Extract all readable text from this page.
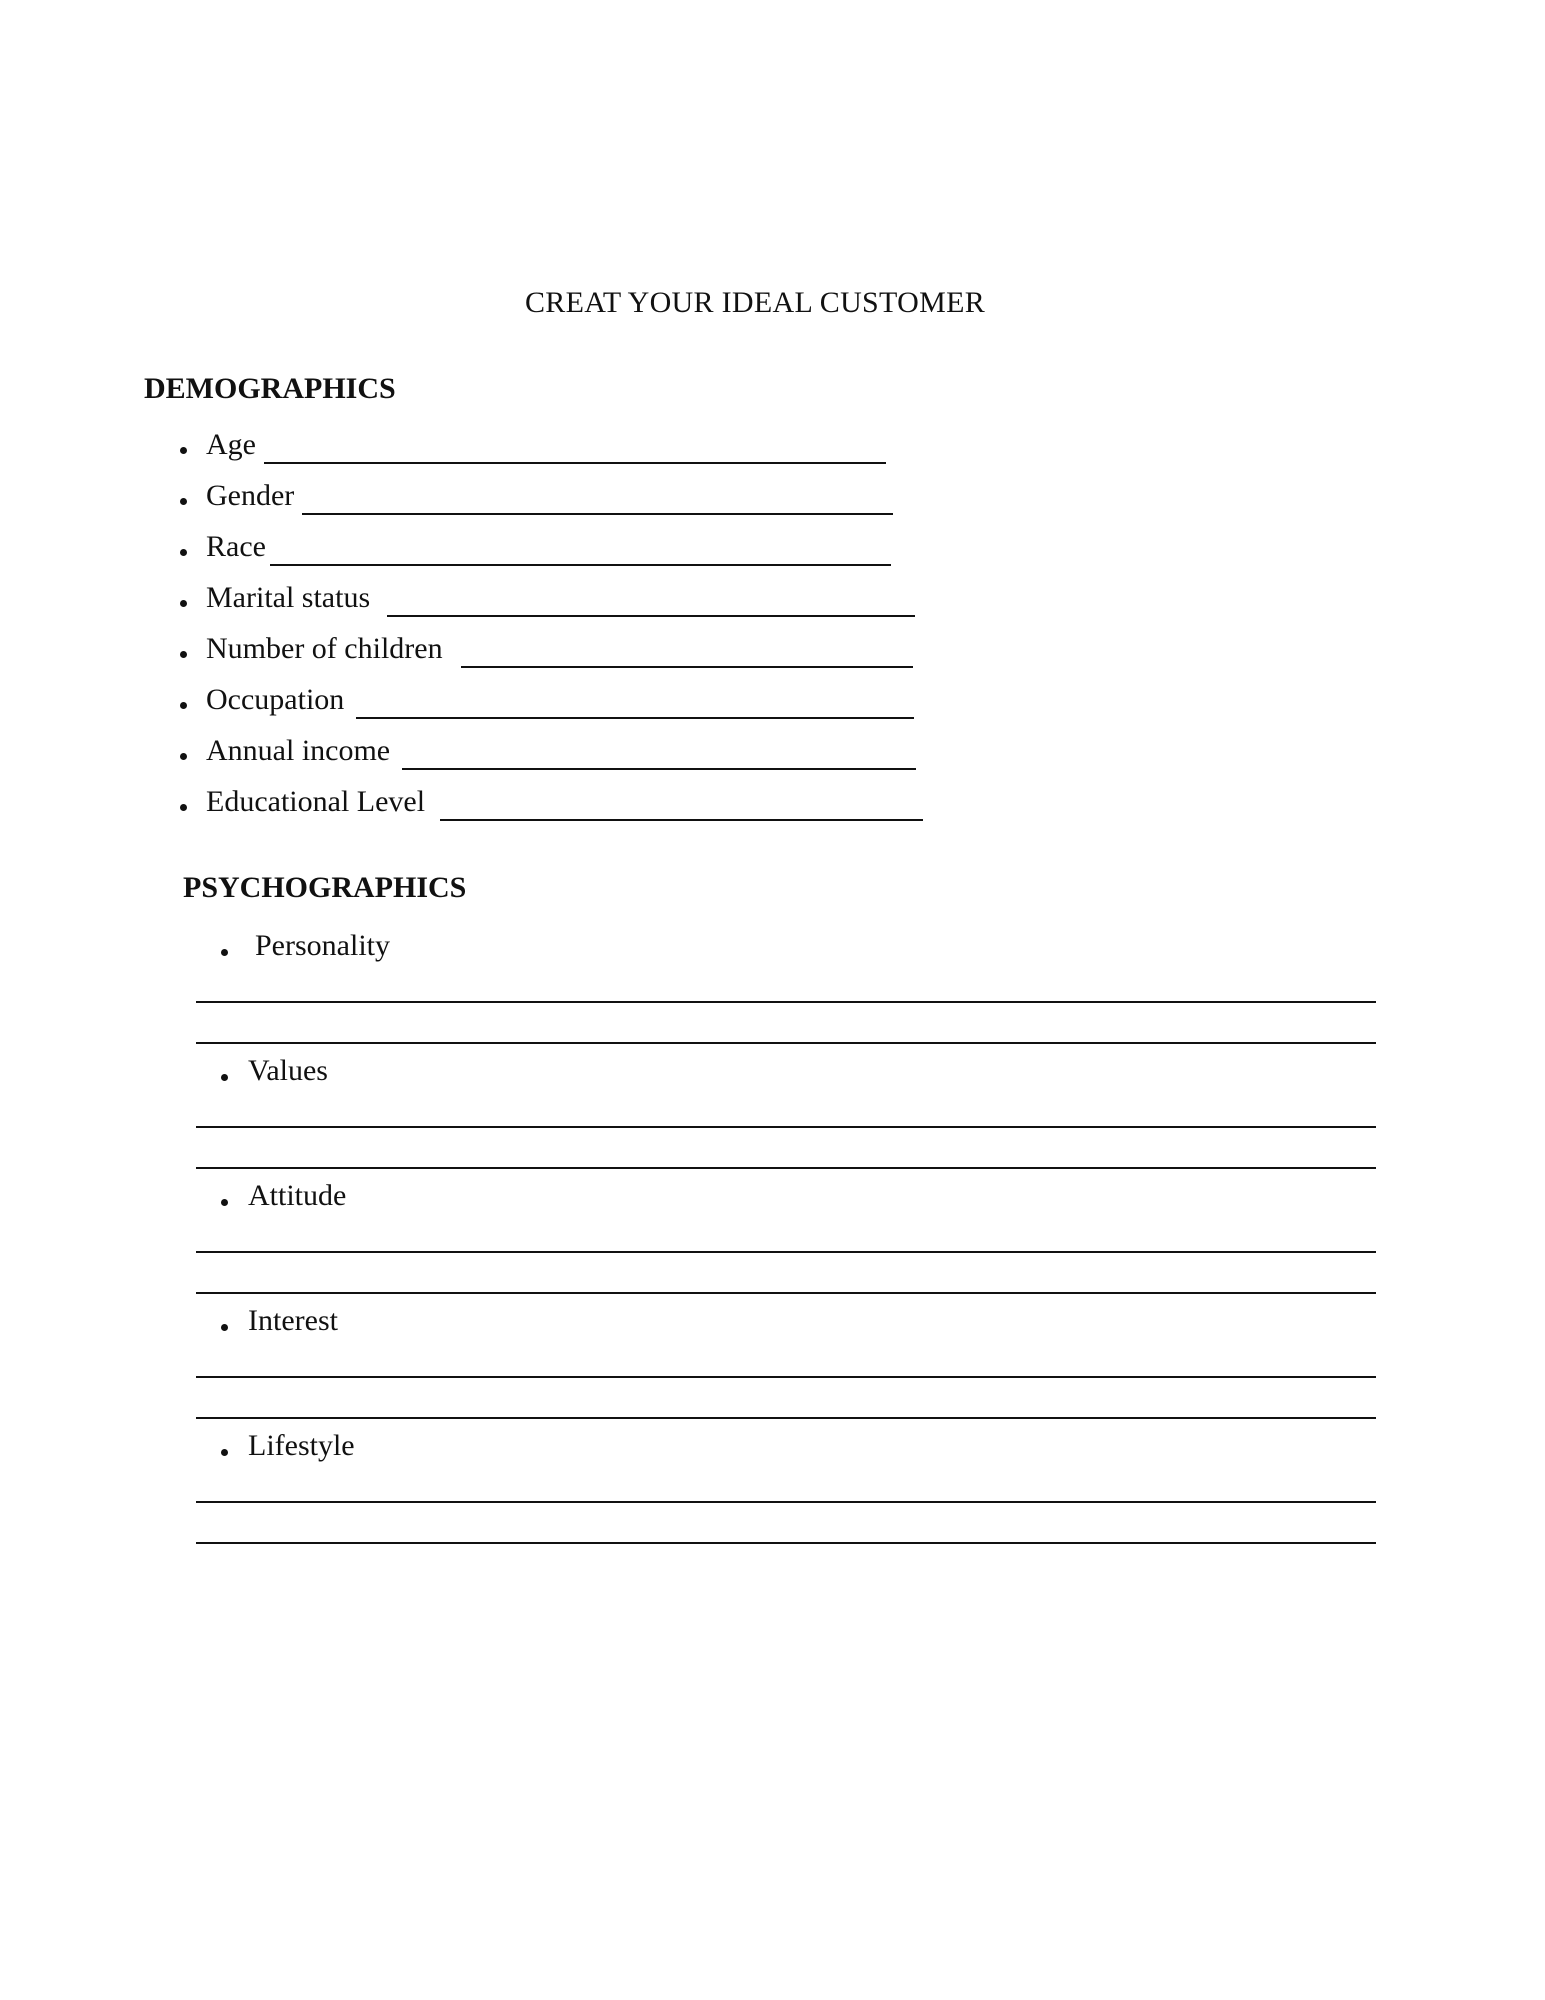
CREAT YOUR IDEAL CUSTOMER
DEMOGRAPHICS
Age
Gender
Race
Marital status
Number of children
Occupation
Annual income
Educational Level
PSYCHOGRAPHICS
Personality
Values
Attitude
Interest
Lifestyle
